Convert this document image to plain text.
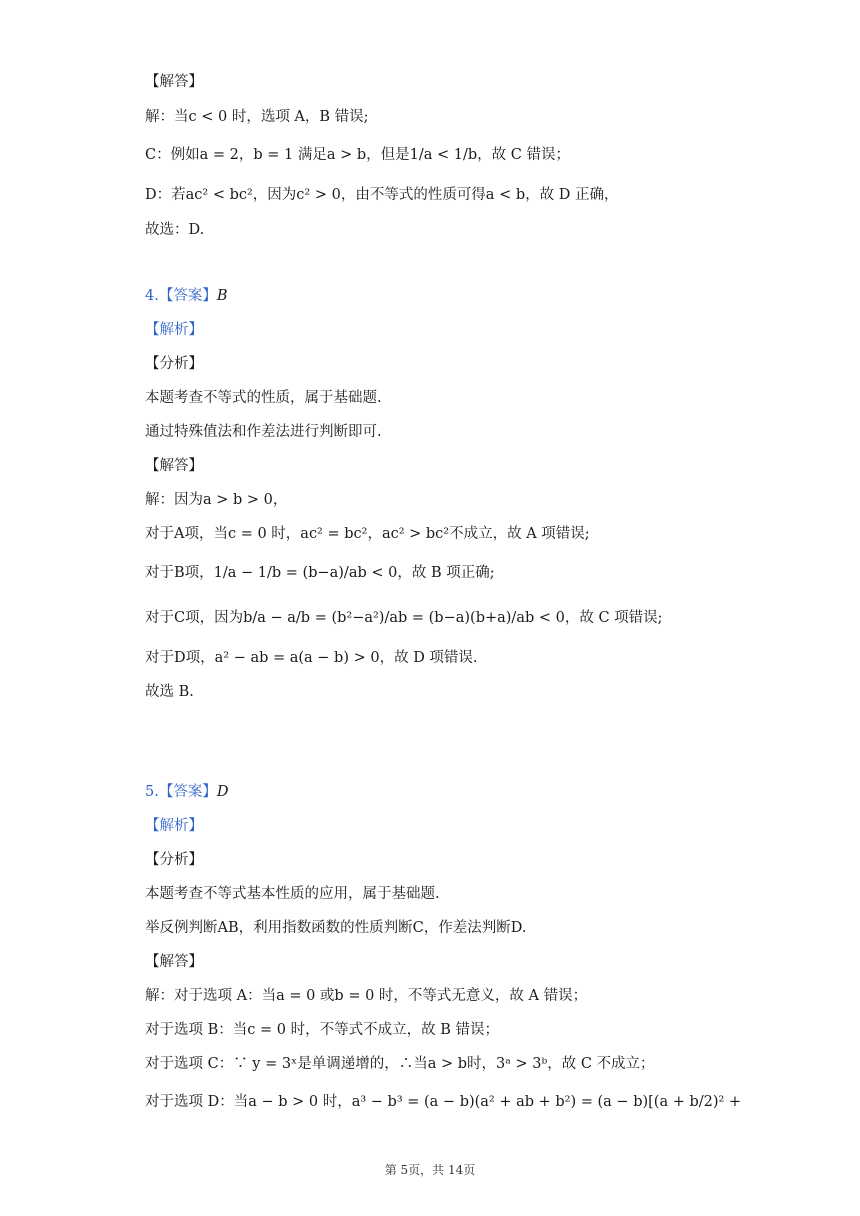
【解答】
解：当c < 0 时，选项 A，B 错误;
C：例如a = 2，b = 1 满足a > b，但是1/a < 1/b，故 C 错误；
D：若ac² < bc²，因为c² > 0，由不等式的性质可得a < b，故 D 正确，
故选：D.
4.【答案】B
【解析】
【分析】
本题考查不等式的性质，属于基础题.
通过特殊值法和作差法进行判断即可.
【解答】
解：因为a > b > 0，
对于A项，当c = 0 时，ac² = bc²，ac² > bc²不成立，故 A 项错误;
对于B项，1/a − 1/b = (b−a)/ab < 0，故 B 项正确;
对于C项，因为b/a − a/b = (b²−a²)/ab = (b−a)(b+a)/ab < 0，故 C 项错误;
对于D项，a² − ab = a(a − b) > 0，故 D 项错误.
故选 B.
5.【答案】D
【解析】
【分析】
本题考查不等式基本性质的应用，属于基础题.
举反例判断AB，利用指数函数的性质判断C，作差法判断D.
【解答】
解：对于选项 A：当a = 0 或b = 0 时，不等式无意义，故 A 错误；
对于选项 B：当c = 0 时，不等式不成立，故 B 错误；
对于选项 C：∵ y = 3ˣ是单调递增的，∴当a > b时，3ᵃ > 3ᵇ，故 C 不成立；
对于选项 D：当a − b > 0 时，a³ − b³ = (a − b)(a² + ab + b²) = (a − b)[(a + b/2)² +
第 5页，共 14页
